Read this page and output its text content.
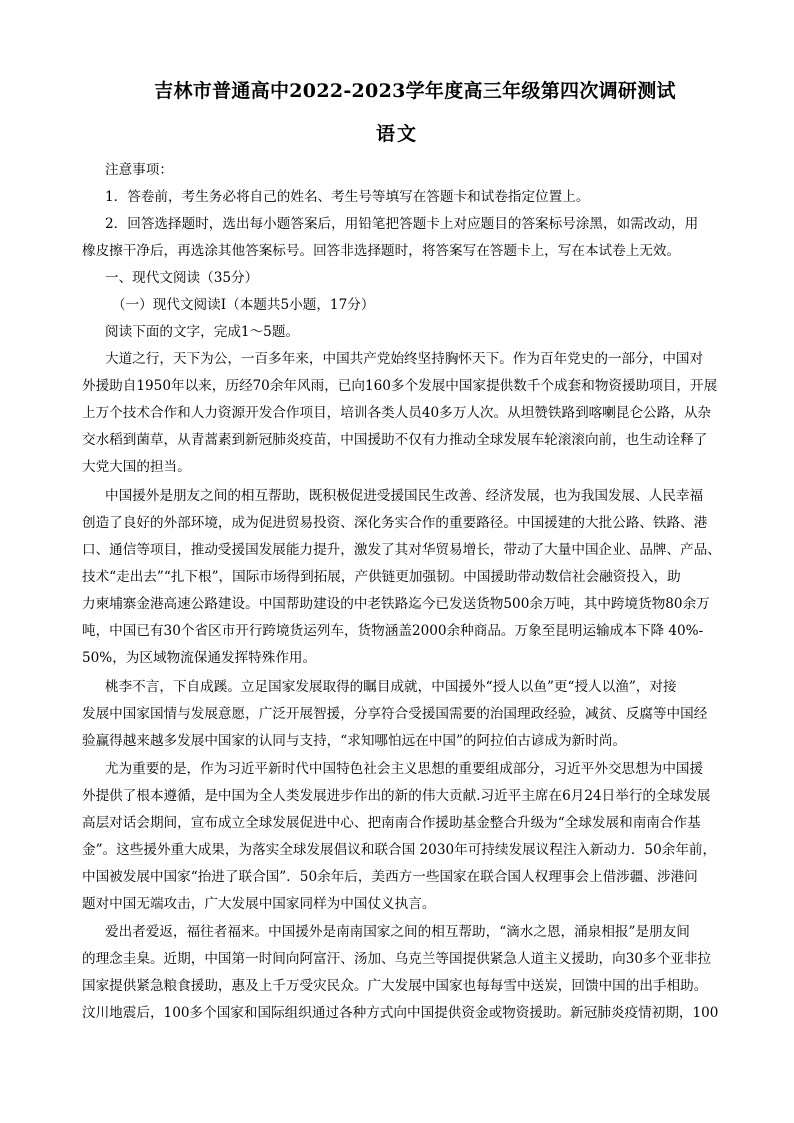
吉林市普通高中2022-2023学年度高三年级第四次调研测试
语文
注意事项：
1．答卷前，考生务必将自己的姓名、考生号等填写在答题卡和试卷指定位置上。
2．回答选择题时，选出每小题答案后，用铅笔把答题卡上对应题目的答案标号涂黑，如需改动，用
橡皮擦干净后，再选涂其他答案标号。回答非选择题时，将答案写在答题卡上，写在本试卷上无效。
一、现代文阅读（35分）
（一）现代文阅读Ⅰ（本题共5小题，17分）
阅读下面的文字，完成1～5题。
大道之行，天下为公，一百多年来，中国共产党始终坚持胸怀天下。作为百年党史的一部分，中国对
外援助自1950年以来，历经70余年风雨，已向160多个发展中国家提供数千个成套和物资援助项目，开展
上万个技术合作和人力资源开发合作项目，培训各类人员40多万人次。从坦赞铁路到喀喇昆仑公路，从杂
交水稻到菌草，从青蒿素到新冠肺炎疫苗，中国援助不仅有力推动全球发展车轮滚滚向前，也生动诠释了
大党大国的担当。
中国援外是朋友之间的相互帮助，既积极促进受援国民生改善、经济发展，也为我国发展、人民幸福
创造了良好的外部环境，成为促进贸易投资、深化务实合作的重要路径。中国援建的大批公路、铁路、港
口、通信等项目，推动受援国发展能力提升，激发了其对华贸易增长，带动了大量中国企业、品牌、产品、
技术“走出去”“扎下根”，国际市场得到拓展，产供链更加强韧。中国援助带动数信社会融资投入，助
力柬埔寨金港高速公路建设。中国帮助建设的中老铁路迄今已发送货物500余万吨，其中跨境货物80余万
吨，中国已有30个省区市开行跨境货运列车，货物涵盖2000余种商品。万象至昆明运输成本下降 40%-
50%，为区域物流保通发挥特殊作用。
桃李不言，下自成蹊。立足国家发展取得的瞩目成就，中国援外“授人以鱼”更“授人以渔”，对接
发展中国家国情与发展意愿，广泛开展智援，分享符合受援国需要的治国理政经验，减贫、反腐等中国经
验赢得越来越多发展中国家的认同与支持，“求知哪怕远在中国”的阿拉伯古谚成为新时尚。
尤为重要的是，作为习近平新时代中国特色社会主义思想的重要组成部分，习近平外交思想为中国援
外提供了根本遵循，是中国为全人类发展进步作出的新的伟大贡献.习近平主席在6月24日举行的全球发展
高层对话会期间，宣布成立全球发展促进中心、把南南合作援助基金整合升级为“全球发展和南南合作基
金”。这些援外重大成果，为落实全球发展倡议和联合国 2030年可持续发展议程注入新动力．50余年前，
中国被发展中国家“抬进了联合国”．50余年后，美西方一些国家在联合国人权理事会上借涉疆、涉港问
题对中国无端攻击，广大发展中国家同样为中国仗义执言。
爱出者爱返，福往者福来。中国援外是南南国家之间的相互帮助，“滴水之恩，涌泉相报”是朋友间
的理念圭臬。近期，中国第一时间向阿富汗、汤加、乌克兰等国提供紧急人道主义援助，向30多个亚非拉
国家提供紧急粮食援助，惠及上千万受灾民众。广大发展中国家也每每雪中送炭，回馈中国的出手相助。
汶川地震后，100多个国家和国际组织通过各种方式向中国提供资金或物资援助。新冠肺炎疫情初期，100
